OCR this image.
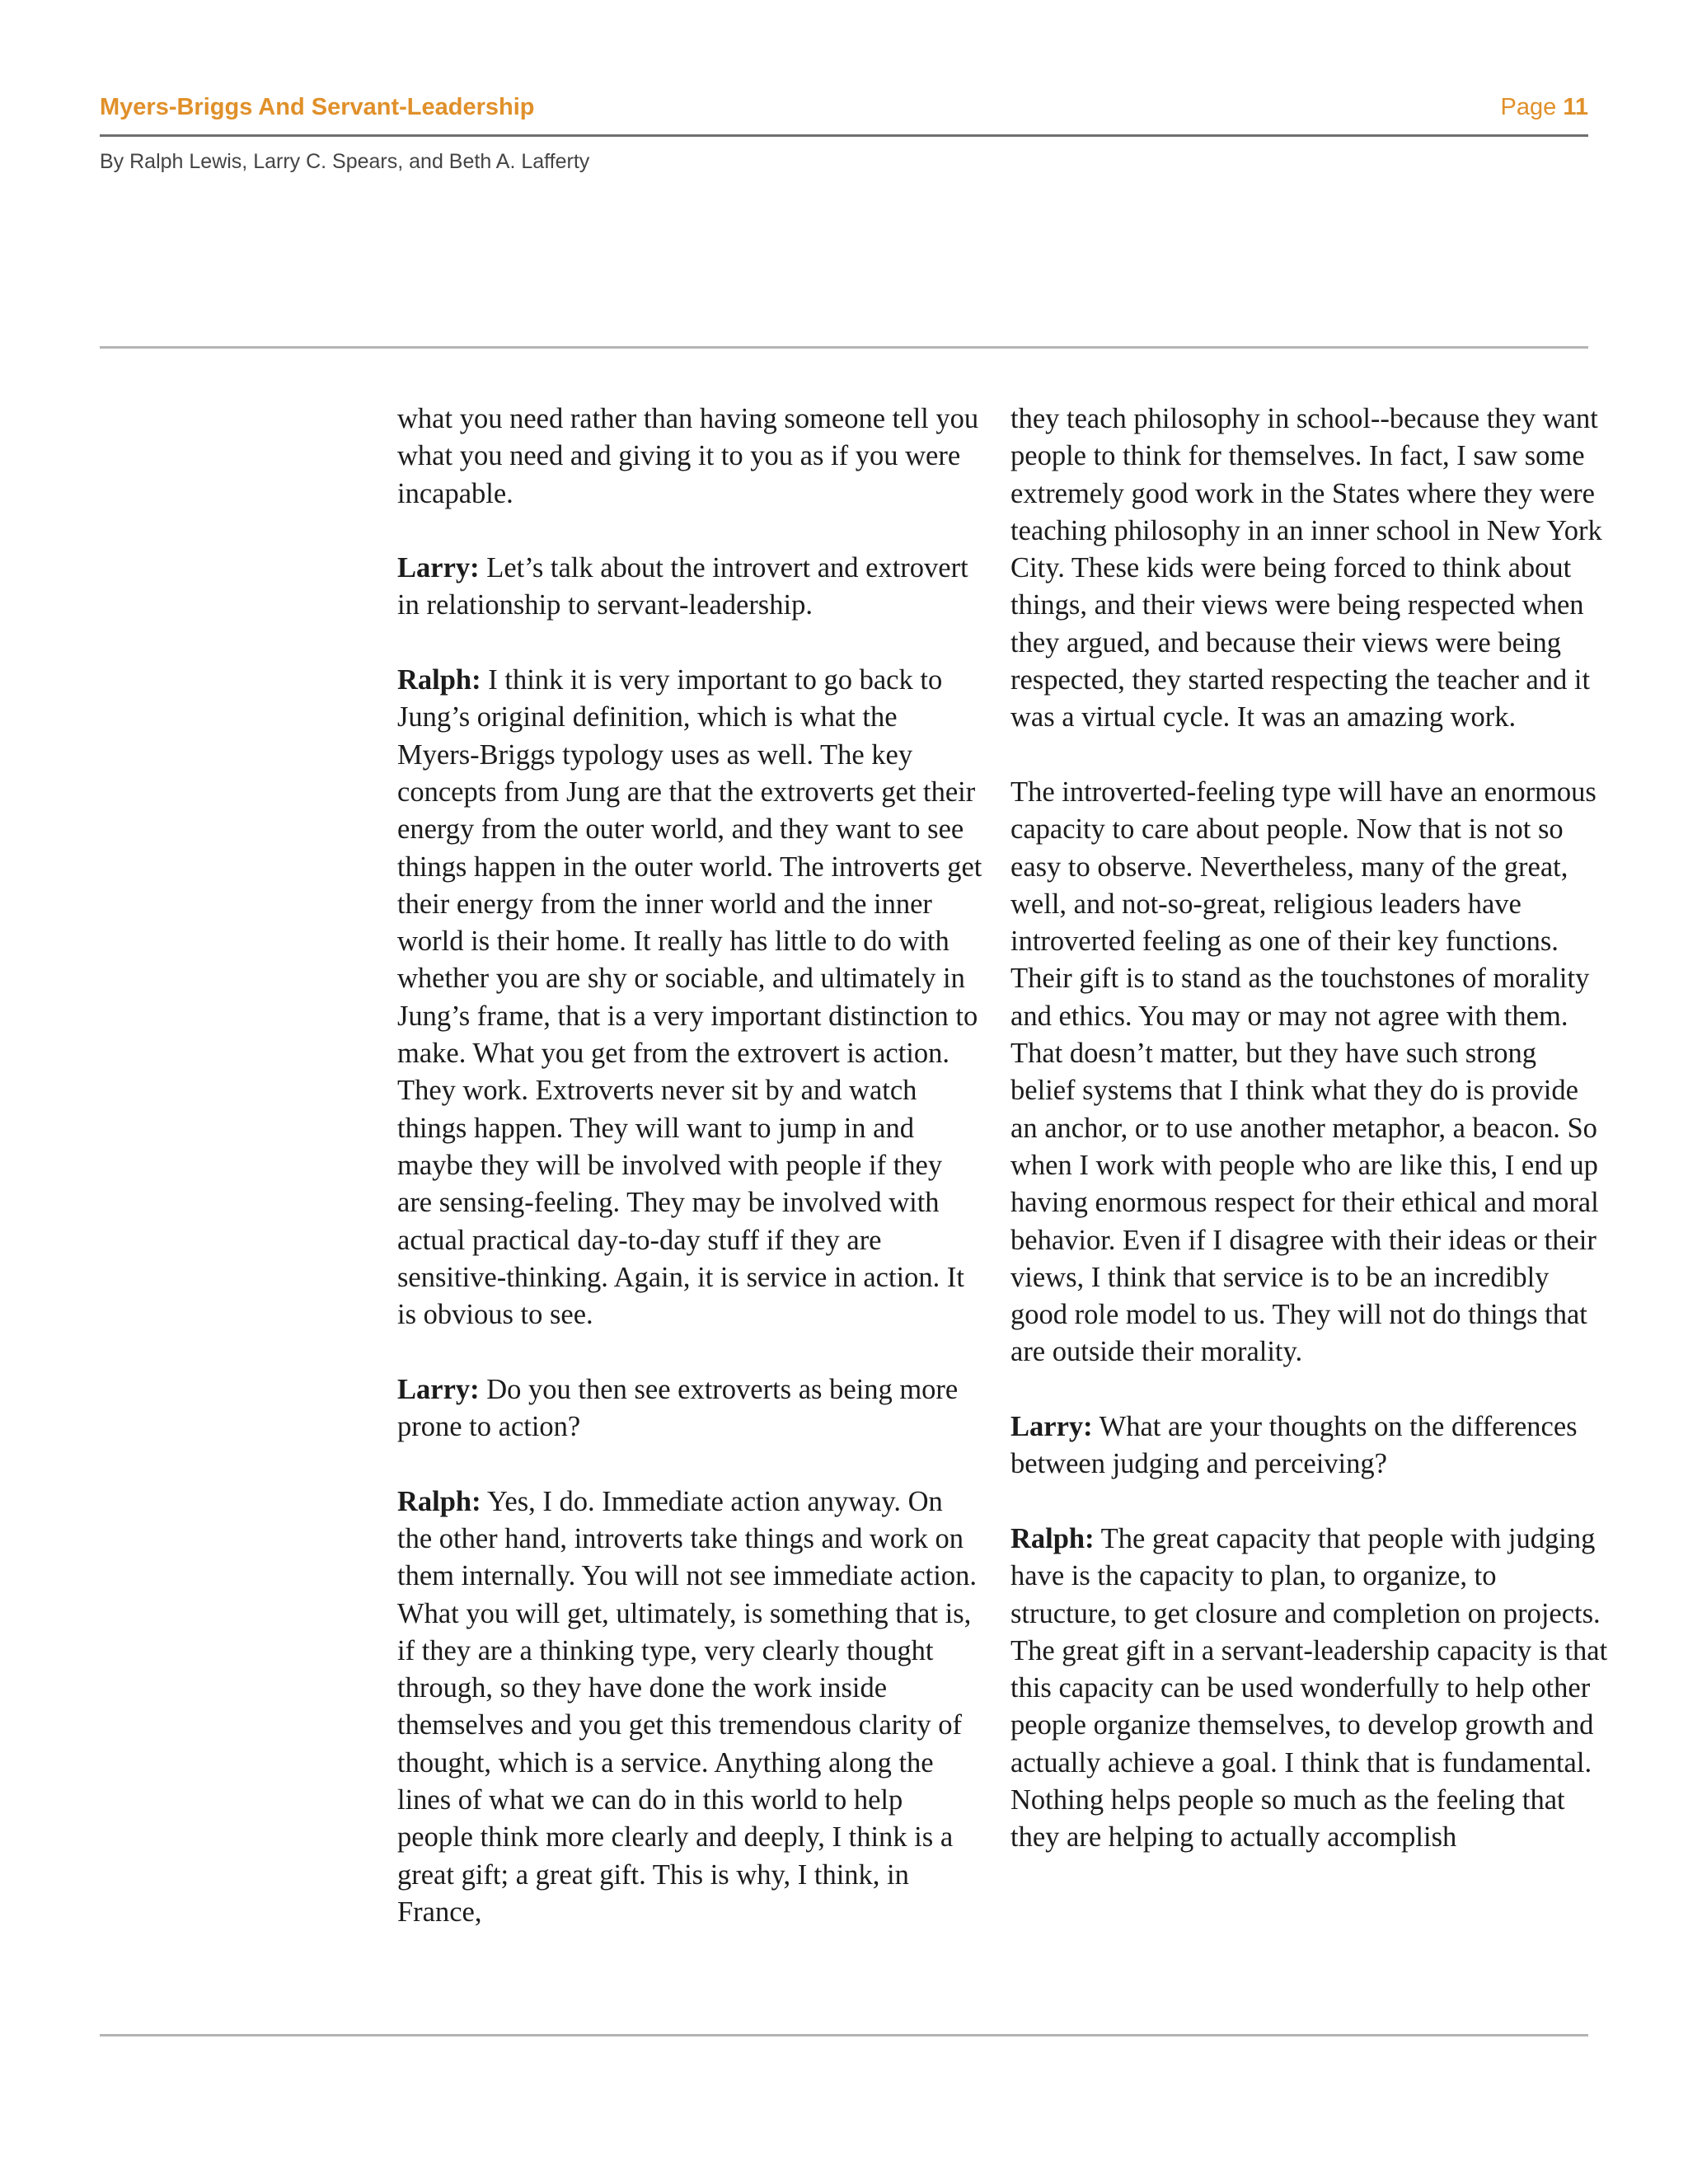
Myers-Briggs And Servant-Leadership	Page 11
By Ralph Lewis, Larry C. Spears, and Beth A. Lafferty

what you need rather than having someone tell you what you need and giving it to you as if you were incapable.

Larry: Let’s talk about the introvert and extrovert in relationship to servant-leadership.

Ralph: I think it is very important to go back to Jung’s original definition, which is what the Myers-Briggs typology uses as well. The key concepts from Jung are that the extroverts get their energy from the outer world, and they want to see things happen in the outer world. The introverts get their energy from the inner world and the inner world is their home. It really has little to do with whether you are shy or sociable, and ultimately in Jung’s frame, that is a very important distinction to make. What you get from the extrovert is action. They work. Extroverts never sit by and watch things happen. They will want to jump in and maybe they will be involved with people if they are sensing-feeling. They may be involved with actual practical day-to-day stuff if they are sensitive-thinking. Again, it is service in action. It is obvious to see.

Larry: Do you then see extroverts as being more prone to action?

Ralph: Yes, I do. Immediate action anyway. On the other hand, introverts take things and work on them internally. You will not see immediate action. What you will get, ultimately, is something that is, if they are a thinking type, very clearly thought through, so they have done the work inside themselves and you get this tremendous clarity of thought, which is a service. Anything along the lines of what we can do in this world to help people think more clearly and deeply, I think is a great gift; a great gift. This is why, I think, in France,

they teach philosophy in school--because they want people to think for themselves. In fact, I saw some extremely good work in the States where they were teaching philosophy in an inner school in New York City. These kids were being forced to think about things, and their views were being respected when they argued, and because their views were being respected, they started respecting the teacher and it was a virtual cycle. It was an amazing work.

The introverted-feeling type will have an enormous capacity to care about people. Now that is not so easy to observe. Nevertheless, many of the great, well, and not-so-great, religious leaders have introverted feeling as one of their key functions. Their gift is to stand as the touchstones of morality and ethics. You may or may not agree with them. That doesn’t matter, but they have such strong belief systems that I think what they do is provide an anchor, or to use another metaphor, a beacon. So when I work with people who are like this, I end up having enormous respect for their ethical and moral behavior. Even if I disagree with their ideas or their views, I think that service is to be an incredibly good role model to us. They will not do things that are outside their morality.

Larry: What are your thoughts on the differences between judging and perceiving?

Ralph: The great capacity that people with judging have is the capacity to plan, to organize, to structure, to get closure and completion on projects. The great gift in a servant-leadership capacity is that this capacity can be used wonderfully to help other people organize themselves, to develop growth and actually achieve a goal. I think that is fundamental. Nothing helps people so much as the feeling that they are helping to actually accomplish
